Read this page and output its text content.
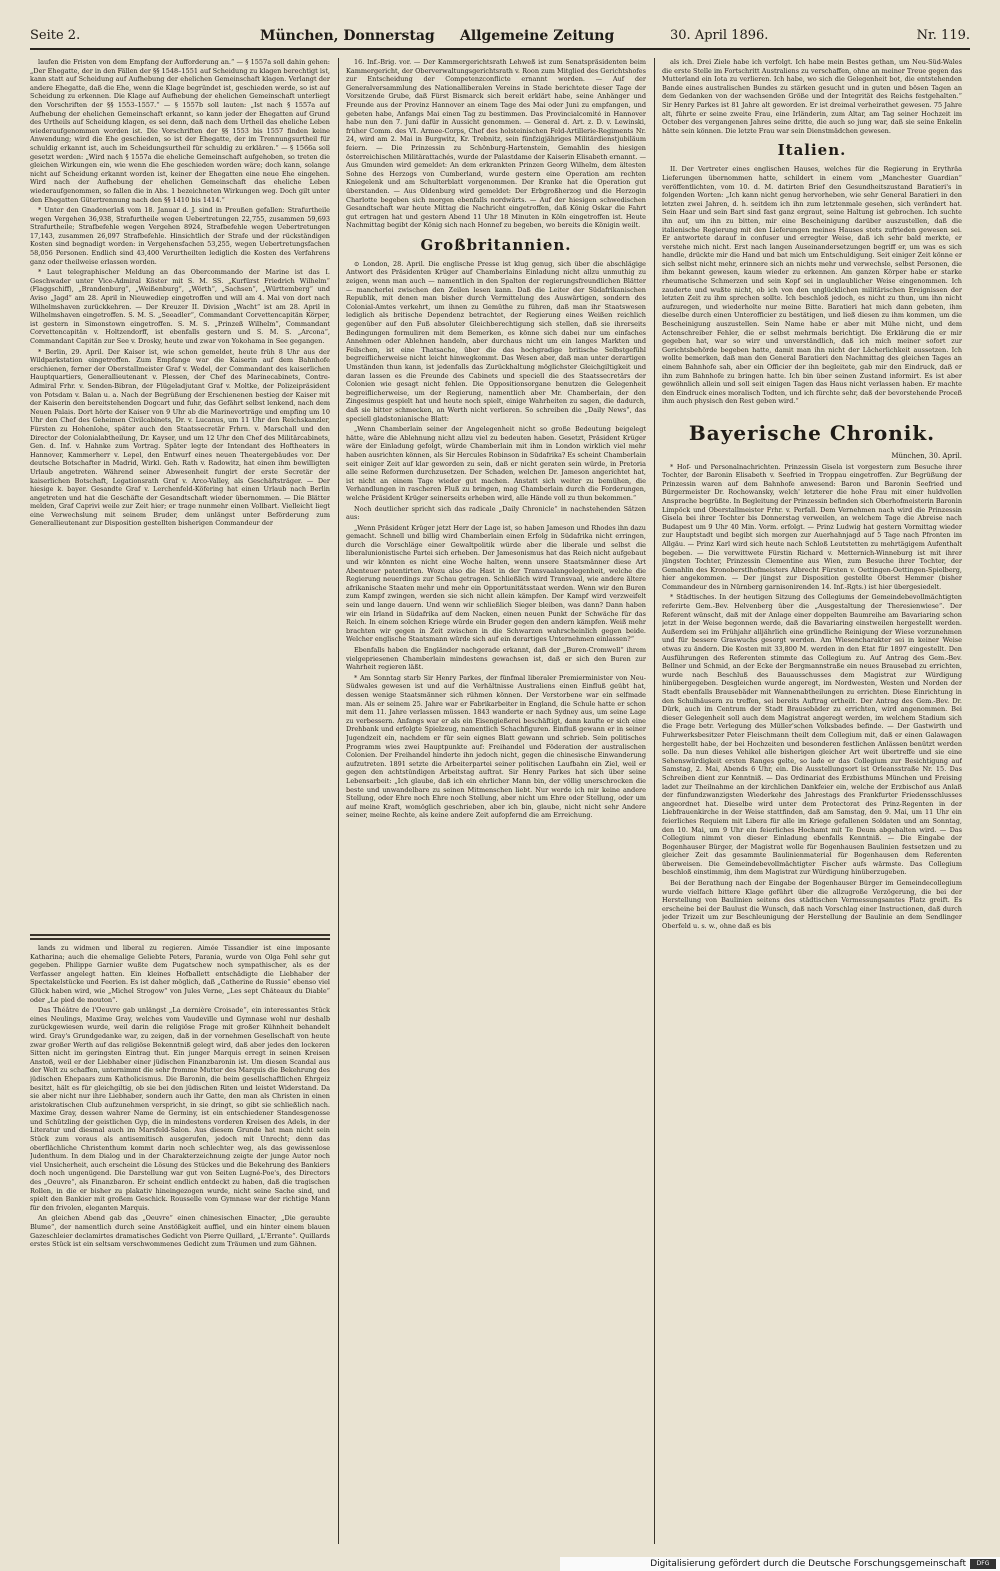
Seite 2.	München, Donnerstag Allgemeine Zeitung	30. April 1896.	Nr. 119.

laufen die Fristen von dem Empfang der Aufforderung an.“ — § 1557a soll dahin gehen: „Der Ehegatte, der in den Fällen der §§ 1548–1551 auf Scheidung zu klagen berechtigt ist, kann statt auf Scheidung auf Aufhebung der ehelichen Gemeinschaft klagen. Verlangt der andere Ehegatte, daß die Ehe, wenn die Klage begründet ist, geschieden werde, so ist auf Scheidung zu erkennen. Die Klage auf Aufhebung der ehelichen Gemeinschaft unterliegt den Vorschriften der §§ 1553–1557.“ — § 1557b soll lauten: „Ist nach § 1557a auf Aufhebung der ehelichen Gemeinschaft erkannt, so kann jeder der Ehegatten auf Grund des Urtheils auf Scheidung klagen, es sei denn, daß nach dem Urtheil das eheliche Leben wiederaufgenommen worden ist. Die Vorschriften der §§ 1553 bis 1557 finden keine Anwendung; wird die Ehe geschieden, so ist der Ehegatte, der im Trennungsurtheil für schuldig erkannt ist, auch im Scheidungsurtheil für schuldig zu erklären.“ — § 1566a soll gesetzt werden: „Wird nach § 1557a die eheliche Gemeinschaft aufgehoben, so treten die gleichen Wirkungen ein, wie wenn die Ehe geschieden worden wäre; doch kann, solange nicht auf Scheidung erkannt worden ist, keiner der Ehegatten eine neue Ehe eingehen. Wird nach der Aufhebung der ehelichen Gemeinschaft das eheliche Leben wiederaufgenommen, so fallen die in Abs. 1 bezeichneten Wirkungen weg. Doch gilt unter den Ehegatten Gütertrennung nach den §§ 1410 bis 1414.“

* Unter den Gnadenerlaß vom 18. Januar d. J. sind in Preußen gefallen: Strafurtheile wegen Vergehen 36,938, Strafurtheile wegen Uebertretungen 22,755, zusammen 59,693 Strafurtheile; Strafbefehle wegen Vergehen 8924, Strafbefehle wegen Uebertretungen 17,143, zusammen 26,097 Strafbefehle. Hinsichtlich der Strafe und der rückständigen Kosten sind begnadigt worden: in Vergehensfachen 53,255, wegen Uebertretungsfachen 58,056 Personen. Endlich sind 43,400 Verurtheilten lediglich die Kosten des Verfahrens ganz oder theilweise erlassen worden.

* Laut telegraphischer Meldung an das Obercommando der Marine ist das I. Geschwader unter Vice-Admiral Köster mit S. M. SS. „Kurfürst Friedrich Wilhelm“ (Flaggschiff), „Brandenburg“, „Weißenburg“, „Wörth“, „Sachsen“, „Württemberg“ und Aviso „Jagd“ am 28. April in Nieuwediep eingetroffen und will am 4. Mai von dort nach Wilhelmshaven zurückkehren. — Der Kreuzer II. Division „Wacht“ ist am 28. April in Wilhelmshaven eingetroffen. S. M. S. „Seeadler“, Commandant Corvettencapitän Körper, ist gestern in Simonstown eingetroffen. S. M. S. „Prinzeß Wilhelm“, Commandant Corvettencapitän v. Holtzendorff, ist ebenfalls gestern und S. M. S. „Arcona“, Commandant Capitän zur See v. Drosky, heute und zwar von Yokohama in See gegangen.

* Berlin, 29. April. Der Kaiser ist, wie schon gemeldet, heute früh 8 Uhr aus der Wildparkstation eingetroffen. Zum Empfange war die Kaiserin auf dem Bahnhofe erschienen, ferner der Oberstallmeister Graf v. Wedel, der Commandant des kaiserlichen Hauptquartiers, Generallieutenant v. Plessen, der Chef des Marinecabinets, Contre-Admiral Frhr. v. Senden-Bibran, der Flügeladjutant Graf v. Moltke, der Polizeipräsident von Potsdam v. Balan u. a. Nach der Begrüßung der Erschienenen bestieg der Kaiser mit der Kaiserin den bereitstehenden Dogcart und fuhr, das Gefährt selbst lenkend, nach dem Neuen Palais. Dort hörte der Kaiser von 9 Uhr ab die Marinevorträge und empfing um 10 Uhr den Chef des Geheimen Civilcabinets, Dr. v. Lucanus, um 11 Uhr den Reichskanzler, Fürsten zu Hohenlohe, später auch den Staatssecretär Frhrn. v. Marschall und den Director der Colonialabtheilung, Dr. Kayser, und um 12 Uhr den Chef des Militärcabinets, Gen. d. Inf. v. Hahnke zum Vortrag. Später legte der Intendant des Hoftheaters in Hannover, Kammerherr v. Lepel, den Entwurf eines neuen Theatergebäudes vor. Der deutsche Botschafter in Madrid, Wirkl. Geh. Rath v. Radowitz, hat einen ihm bewilligten Urlaub angetreten. Während seiner Abwesenheit fungirt der erste Secretär der kaiserlichen Botschaft, Legationsrath Graf v. Arco-Valley, als Geschäftsträger. — Der hiesige k. bayer. Gesandte Graf v. Lerchenfeld-Köfering hat einen Urlaub nach Berlin angetreten und hat die Geschäfte der Gesandtschaft wieder übernommen. — Die Blätter melden, Graf Caprivi weile zur Zeit hier; er trage nunmehr einen Vollbart. Vielleicht liegt eine Verwechslung mit seinem Bruder, dem unlängst unter Beförderung zum Generallieutenant zur Disposition gestellten bisherigen Commandeur der

lands zu widmen und liberal zu regieren. Aimée Tissandier ist eine imposante Katharina; auch die ehemalige Geliebte Peters, Parania, wurde von Olga Fehl sehr gut gegeben. Philippe Garnier wußte dem Pugatschew noch sympathischer, als es der Verfasser angelegt hatten. Ein kleines Hofballett entschädigte die Liebhaber der Spectakelstücke und Feerien. Es ist daher möglich, daß „Catherine de Russie“ ebenso viel Glück haben wird, wie „Michel Strogow“ von Jules Verne, „Les sept Châteaux du Diable“ oder „Le pied de mouton“.

Das Théâtre de l'Oeuvre gab unlängst „La dernière Croisade“, ein interessantes Stück eines Neulings, Maxime Gray, welches vom Vaudeville und Gymnase wohl nur deshalb zurückgewiesen wurde, weil darin die religiöse Frage mit großer Kühnheit behandelt wird. Gray's Grundgedanke war, zu zeigen, daß in der vornehmen Gesellschaft von heute zwar großer Werth auf das religiöse Bekenntniß gelegt wird, daß aber jedes den lockeren Sitten nicht im geringsten Eintrag thut. Ein junger Marquis erregt in seinen Kreisen Anstoß, weil er der Liebhaber einer jüdischen Finanzbaronin ist. Um diesen Scandal aus der Welt zu schaffen, unternimmt die sehr fromme Mutter des Marquis die Bekehrung des jüdischen Ehepaars zum Katholicismus. Die Baronin, die beim gesellschaftlichen Ehrgeiz besitzt, hält es für gleichgiltig, ob sie bei den jüdischen Riten und leistet Widerstand. Da sie aber nicht nur ihre Liebhaber, sondern auch ihr Gatte, den man als Christen in einen aristokratischen Club aufzunehmen verspricht, in sie dringt, so gibt sie schließlich nach. Maxime Gray, dessen wahrer Name de Germiny, ist ein entschiedener Standesgenosse und Schützling der geistlichen Gyp, die in mindestens vorderen Kreisen des Adels, in der Literatur und diesmal auch im Marsfeld-Salon. Aus diesem Grunde hat man nicht sein Stück zum voraus als antisemitisch ausgerufen, jedoch mit Unrecht; denn das oberflächliche Christenthum kommt darin noch schlechter weg, als das gewissenlose Judenthum. In dem Dialog und in der Charakterzeichnung zeigte der junge Autor noch viel Unsicherheit, auch erscheint die Lösung des Stückes und die Bekehrung des Bankiers doch noch ungenügend. Die Darstellung war gut von Seiten Lugné-Poe's, des Directors des „Oeuvre“, als Finanzbaron. Er scheint endlich entdeckt zu haben, daß die tragischen Rollen, in die er bisher zu plakativ hineingezogen wurde, nicht seine Sache sind, und spielt den Bankier mit großem Geschick. Rousselle vom Gymnase war der richtige Mann für den frivolen, eleganten Marquis.

An gleichen Abend gab das „Oeuvre“ einen chinesischen Einacter, „Die geraubte Blume“, der namentlich durch seine Anstößigkeit auffiel, und ein hinter einem blauen Gazeschleier declamirtes dramatisches Gedicht von Pierre Quillard, „L'Errante“. Quillards erstes Stück ist ein seltsam verschwommenes Gedicht zum Träumen und zum Gähnen.

16. Inf.-Brig. vor. — Der Kammergerichtsrath Lehweß ist zum Senatspräsidenten beim Kammergericht, der Oberverwaltungsgerichtsrath v. Roon zum Mitglied des Gerichtshofes zur Entscheidung der Competenzconflicte ernannt worden. — Auf der Generalversammlung des Nationalliberalen Vereins in Stade berichtete dieser Tage der Vorsitzende Grube, daß Fürst Bismarck sich bereit erklärt habe, seine Anhänger und Freunde aus der Provinz Hannover an einem Tage des Mai oder Juni zu empfangen, und gebeten habe, Anfangs Mai einen Tag zu bestimmen. Das Provincialcomité in Hannover habe nun den 7. Juni dafür in Aussicht genommen. — General d. Art. z. D. v. Lewinski, früher Comm. des VI. Armee-Corps, Chef des holsteinischen Feld-Artillerie-Regiments Nr. 24, wird am 2. Mai in Burgwitz, Kr. Trebnitz, sein fünfzigjähriges Militärdienstjubiläum feiern. — Die Prinzessin zu Schönburg-Hartenstein, Gemahlin des hiesigen österreichischen Militärattachés, wurde der Palastdame der Kaiserin Elisabeth ernannt. — Aus Gmunden wird gemeldet: An dem erkrankten Prinzen Georg Wilhelm, dem ältesten Sohne des Herzogs von Cumberland, wurde gestern eine Operation am rechten Kniegelenk und am Schulterblatt vorgenommen. Der Kranke hat die Operation gut überstanden. — Aus Oldenburg wird gemeldet: Der Erbgroßherzog und die Herzogin Charlotte begeben sich morgen ebenfalls nordwärts. — Auf der hiesigen schwedischen Gesandtschaft war heute Mittag die Nachricht eingetroffen, daß König Oskar die Fahrt gut ertragen hat und gestern Abend 11 Uhr 18 Minuten in Köln eingetroffen ist. Heute Nachmittag begibt der König sich nach Honnef zu begeben, wo bereits die Königin weilt.

Großbritannien.

⊙ London, 28. April. Die englische Presse ist klug genug, sich über die abschlägige Antwort des Präsidenten Krüger auf Chamberlains Einladung nicht allzu unmuthig zu zeigen, wenn man auch — namentlich in den Spalten der regierungsfreundlichen Blätter — mancherlei zwischen den Zeilen lesen kann. Daß die Leiter der Südafrikanischen Republik, mit denen man bisher durch Vermittelung des Auswärtigen, sondern des Colonial-Amtes verkehrt, um ihnen zu Gemüthe zu führen, daß man ihr Staatswesen lediglich als britische Dependenz betrachtet, der Regierung eines Weißen reichlich gegenüber auf den Fuß absoluter Gleichberechtigung sich stellen, daß sie ihrerseits Bedingungen formuliren mit dem Bemerken, es könne sich dabei nur um einfaches Annehmen oder Ablehnen handeln, aber durchaus nicht um ein langes Markten und Feilschen, ist eine Thatsache, über die das hochgradige britische Selbstgefühl begreiflicherweise nicht leicht hinwegkommt. Das Wesen aber, daß man unter derartigen Umständen thun kann, ist jedenfalls das Zurückhaltung möglichster Gleichgiltigkeit und daran lassen es die Freunde des Cabinets und speciell die des Staatssecretärs der Colonien wie gesagt nicht fehlen. Die Oppositionsorgane benutzen die Gelegenheit begreiflicherweise, um der Regierung, namentlich aber Mr. Chamberlain, der den Zingesimus gespielt hat und heute noch spielt, einige Wahrheiten zu sagen, die dadurch, daß sie bitter schmecken, an Werth nicht verlieren. So schreiben die „Daily News“, das speciell gladstonianische Blatt:

„Wenn Chamberlain seiner der Angelegenheit nicht so große Bedeutung beigelegt hätte, wäre die Ablehnung nicht allzu viel zu bedeuten haben. Gesetzt, Präsident Krüger wäre der Einladung gefolgt, würde Chamberlain mit ihm in London wirklich viel mehr haben ausrichten können, als Sir Hercules Robinson in Südafrika? Es scheint Chamberlain seit einiger Zeit auf klar geworden zu sein, daß er nicht geraten sein würde, in Pretoria alle seine Reformen durchzusetzen. Der Schaden, welchen Dr. Jameson angerichtet hat, ist nicht an einem Tage wieder gut machen. Anstatt sich weiter zu bemühen, die Verhandlungen in rascheren Fluß zu bringen, mag Chamberlain durch die Forderungen, welche Präsident Krüger seinerseits erheben wird, alle Hände voll zu thun bekommen.“

Noch deutlicher spricht sich das radicale „Daily Chronicle“ in nachstehenden Sätzen aus:

„Wenn Präsident Krüger jetzt Herr der Lage ist, so haben Jameson und Rhodes ihn dazu gemacht. Schnell und billig wird Chamberlain einen Erfolg in Südafrika nicht erringen, durch die Vorschläge einer Gewaltpolitik würde aber die liberale und selbst die liberalunionistische Partei sich erheben. Der Jamesonismus hat das Reich nicht aufgebaut und wir könnten es nicht eine Woche halten, wenn unsere Staatsmänner diese Art Abenteuer patentirten. Wozu also die Hast in der Transvaalangelegenheit, welche die Regierung neuerdings zur Schau getragen. Schließlich wird Transvaal, wie andere ältere afrikanische Staaten mehr und mehr ein Opportunitätsstaat werden. Wenn wir den Buren zum Kampf zwingen, werden sie sich nicht allein kämpfen. Der Kampf wird verzweifelt sein und lange dauern. Und wenn wir schließlich Sieger bleiben, was dann? Dann haben wir ein Irland in Südafrika auf dem Nacken, einen neuen Punkt der Schwäche für das Reich. In einem solchen Kriege würde ein Bruder gegen den andern kämpfen. Weiß mehr brachten wir gegen in Zeit zwischen in die Schwarzen wahrscheinlich gegen beide. Welcher englische Staatsmann würde sich auf ein derartiges Unternehmen einlassen?“

Ebenfalls haben die Engländer nachgerade erkannt, daß der „Buren-Cromwell“ ihrem vielgepriesenen Chamberlain mindestens gewachsen ist, daß er sich den Buren zur Wahrheit regieren läßt.

* Am Sonntag starb Sir Henry Parkes, der fünfmal liberaler Premierminister von Neu-Südwales gewesen ist und auf die Verhältnisse Australiens einen Einfluß geübt hat, dessen wenige Staatsmänner sich rühmen können. Der Verstorbene war ein selfmade man. Als er seinem 25. Jahre war er Fabrikarbeiter in England, die Schule hatte er schon mit dem 11. Jahre verlassen müssen. 1843 wanderte er nach Sydney aus, um seine Lage zu verbessern. Anfangs war er als ein Eisengießerei beschäftigt, dann kaufte er sich eine Drehbank und erfolgte Spielzeug, namentlich Schachfiguren. Einfluß gewann er in seiner Jugendzeit ein, nachdem er für sein eignes Blatt gewann und schrieb. Sein politisches Programm wies zwei Hauptpunkte auf: Freihandel und Föderation der australischen Colonien. Der Freihandel hinderte ihn jedoch nicht, gegen die chinesische Einwanderung aufzutreten. 1891 setzte die Arbeiterpartei seiner politischen Laufbahn ein Ziel, weil er gegen den achtstündigen Arbeitstag auftrat. Sir Henry Parkes hat sich über seine Lebensarbeit: „Ich glaube, daß ich ein ehrlicher Mann bin, der völlig unerschrocken die beste und unwandelbare zu seinen Mitmenschen liebt. Nur werde ich mir keine andere Stellung, oder Ehre noch Ehre noch Stellung, aber nicht um Ehre oder Stellung, oder um auf meine Kraft, womöglich geschrieben, aber ich bin, glaube, nicht nicht sehr Andere seiner, meine Rechte, als keine andere Zeit aufopfernd die am Erreichung.

als ich. Drei Ziele habe ich verfolgt. Ich habe mein Bestes gethan, um Neu-Süd-Wales die erste Stelle im Fortschritt Australiens zu verschaffen, ohne an meiner Treue gegen das Mutterland ein Iota zu verlieren. Ich habe, wo sich die Gelegenheit bot, die entstehenden Bande eines australischen Bundes zu stärken gesucht und in guten und bösen Tagen an dem Gedanken von der wachsenden Größe und der Integrität des Reichs festgehalten.“ Sir Henry Parkes ist 81 Jahre alt geworden. Er ist dreimal verheirathet gewesen. 75 Jahre alt, führte er seine zweite Frau, eine Irländerin, zum Altar, am Tag seiner Hochzeit im October des vergangenen Jahres seine dritte, die auch so jung war, daß sie seine Enkelin hätte sein können. Die letzte Frau war sein Dienstmädchen gewesen.

Italien.

II. Der Vertreter eines englischen Hauses, welches für die Regierung in Erythräa Lieferungen übernommen hatte, schildert in einem vom „Manchester Guardian“ veröffentlichten, vom 10. d. M. datirten Brief den Gesundheitszustand Baratieri's in folgenden Worten: „Ich kann nicht genug hervorheben, wie sehr General Baratieri in den letzten zwei Jahren, d. h. seitdem ich ihn zum letztenmale gesehen, sich verändert hat. Sein Haar und sein Bart sind fast ganz ergraut, seine Haltung ist gebrochen. Ich suchte ihn auf, um ihn zu bitten, mir eine Bescheinigung darüber auszustellen, daß die italienische Regierung mit den Lieferungen meines Hauses stets zufrieden gewesen sei. Er antwortete darauf in confuser und erregter Weise, daß ich sehr bald merkte, er verstehe mich nicht. Erst nach langen Auseinandersetzungen begriff er, um was es sich handle, drückte mir die Hand und bat mich um Entschuldigung. Seit einiger Zeit könne er sich selbst nicht mehr, erinnere sich an nichts mehr und verwechsle, selbst Personen, die ihm bekannt gewesen, kaum wieder zu erkennen. Am ganzen Körper habe er starke rheumatische Schmerzen und sein Kopf sei in unglaublicher Weise eingenommen. Ich zauderte und wußte nicht, ob ich von den unglücklichen militärischen Ereignissen der letzten Zeit zu ihm sprechen sollte. Ich beschloß jedoch, es nicht zu thun, um ihn nicht aufzuregen, und wiederholte nur meine Bitte. Baratieri hat mich dann gebeten, ihm dieselbe durch einen Unterofficier zu bestätigen, und ließ diesen zu ihm kommen, um die Bescheinigung auszustellen. Sein Name habe er aber mit Mühe nicht, und dem Actenschreiber Fehler, die er selbst mehrmals berichtigt. Die Erklärung die er mir gegeben hat, war so wirr und unverständlich, daß ich mich meiner sofort zur Gerichtsbehörde begeben hatte, damit man ihn nicht der Lächerlichkeit aussetzen. Ich wollte bemerken, daß man den General Baratieri den Nachmittag des gleichen Tages an einem Bahnhofe sah, aber ein Officier der ihn begleitete, gab mir den Eindruck, daß er ihn zum Bahnhofe zu bringen hatte. Ich bin über seinen Zustand informirt. Es ist aber gewöhnlich allein und soll seit einigen Tagen das Haus nicht verlassen haben. Er machte den Eindruck eines moralisch Todten, und ich fürchte sehr, daß der bevorstehende Proceß ihm auch physisch den Rest geben wird.“

Bayerische Chronik.
München, 30. April.

* Hof- und Personalnachrichten. Prinzessin Gisela ist vorgestern zum Besuche ihrer Tochter, der Baronin Elisabeth v. Seefried in Troppau eingetroffen. Zur Begrüßung der Prinzessin waren auf dem Bahnhofe anwesend: Baron und Baronin Seefried und Bürgermeister Dr. Rochowansky, welch' letzterer die hohe Frau mit einer huldvollen Ansprache begrüßte. In Begleitung der Prinzessin befinden sich Oberhofmeisterin Baronin Limpöck und Oberstallmeister Frhr. v. Perfall. Dem Vernehmen nach wird die Prinzessin Gisela bei ihrer Tochter bis Donnerstag verweilen, an welchem Tage die Abreise nach Budapest um 9 Uhr 40 Min. Vorm. erfolgt. — Prinz Ludwig hat gestern Vormittag wieder zur Hauptstadt und begibt sich morgen zur Auerhahnjagd auf 5 Tage nach Pfronten im Allgäu. — Prinz Karl wird sich heute nach Schloß Leutstetten zu mehrtägigem Aufenthalt begeben. — Die verwittwete Fürstin Richard v. Metternich-Winneburg ist mit ihrer jüngsten Tochter, Prinzessin Clementine aus Wien, zum Besuche ihrer Tochter, der Gemahlin des Kronoberstlhofmeisters Albrecht Fürsten v. Oettingen-Oettingen-Spielberg, hier angekommen. — Der jüngst zur Disposition gestellte Oberst Hemmer (bisher Commandeur des in Nürnberg garnisonirenden 14. Inf.-Rgts.) ist hier übergesiedelt.

* Städtisches. In der heutigen Sitzung des Collegiums der Gemeindebevollmächtigten referirte Gem.-Bev. Helvenberg über die „Ausgestaltung der Theresienwiese“. Der Referent wünscht, daß mit der Anlage einer doppelten Baumreihe am Bavariaring schon jetzt in der Weise begonnen werde, daß die Bavariaring einstweilen hergestellt werden. Außerdem sei im Frühjahr alljährlich eine gründliche Reinigung der Wiese vorzunehmen und für bessere Graswuchs gesorgt werden. Am Wiesencharakter sei in keiner Weise etwas zu ändern. Die Kosten mit 33,800 M. werden in den Etat für 1897 eingestellt. Den Ausführungen des Referenten stimmte das Collegium zu. Auf Antrag des Gem.-Bev. Bellner und Schmid, an der Ecke der Bergmannstraße ein neues Brausebad zu errichten, wurde nach Beschluß des Bauausschusses dem Magistrat zur Würdigung hinübergegeben. Desgleichen wurde angeregt, im Nordwesten, Westen und Norden der Stadt ebenfalls Brausebäder mit Wannenabtheilungen zu errichten. Diese Einrichtung in den Schulhäusern zu treffen, sei bereits Auftrag ertheilt. Der Antrag des Gem.-Bev. Dr. Dürk, auch im Centrum der Stadt Brausebäder zu errichten, wird angenommen. Bei dieser Gelegenheit soll auch dem Magistrat angeregt werden, im welchem Stadium sich die Frage betr. Verlegung des Müller'schen Volksbades befinde. — Der Gastwirth und Fuhrwerksbesitzer Peter Fleischmann theilt dem Collegium mit, daß er einen Galawagen hergestellt habe, der bei Hochzeiten und besonderen festlichen Anlässen benützt werden solle. Da nun dieses Vehikel alle bisherigen gleicher Art weit übertreffe und sie eine Sehenswürdigkeit ersten Ranges gelte, so lade er das Collegium zur Besichtigung auf Samstag, 2. Mai, Abends 6 Uhr, ein. Die Ausstellungsort ist Orleansstraße Nr. 15. Das Schreiben dient zur Kenntniß. — Das Ordinariat des Erzbisthums München und Freising ladet zur Theilnahme an der kirchlichen Dankfeier ein, welche der Erzbischof aus Anlaß der fünfundzwanzigsten Wiederkehr des Jahrestags des Frankfurter Friedensschlusses angeordnet hat. Dieselbe wird unter dem Protectorat des Prinz-Regenten in der Liebfrauenkirche in der Weise stattfinden, daß am Samstag, den 9. Mai, um 11 Uhr ein feierliches Requiem mit Libera für alle im Kriege gefallenen Soldaten und am Sonntag, den 10. Mai, um 9 Uhr ein feierliches Hochamt mit Te Deum abgehalten wird. — Das Collegium nimmt von dieser Einladung ebenfalls Kenntniß. — Die Eingabe der Bogenhauser Bürger, der Magistrat wolle für Bogenhausen Baulinien festsetzen und zu gleicher Zeit das gesammte Baulinienmaterial für Bogenhausen dem Referenten überweisen. Die Gemeindebevollmächtigter Fischer aufs wärmste. Das Collegium beschloß einstimmig, ihm dem Magistrat zur Würdigung hinüberzugeben.

Bei der Berathung nach der Eingabe der Bogenhauser Bürger im Gemeindecollegium wurde vielfach bittere Klage geführt über die allzugroße Verzögerung, die bei der Herstellung von Baulinien seitens des städtischen Vermessungsamtes Platz greift. Es erscheine bei der Baulust die Wunsch, daß nach Vorschlag einer Instructionen, daß durch jeder Trizeit um zur Beschleunigung der Herstellung der Baulinie an dem Sendlinger Oberfeld u. s. w., ohne daß es bis

Digitalisierung gefördert durch die Deutsche Forschungsgemeinschaft	DFG
